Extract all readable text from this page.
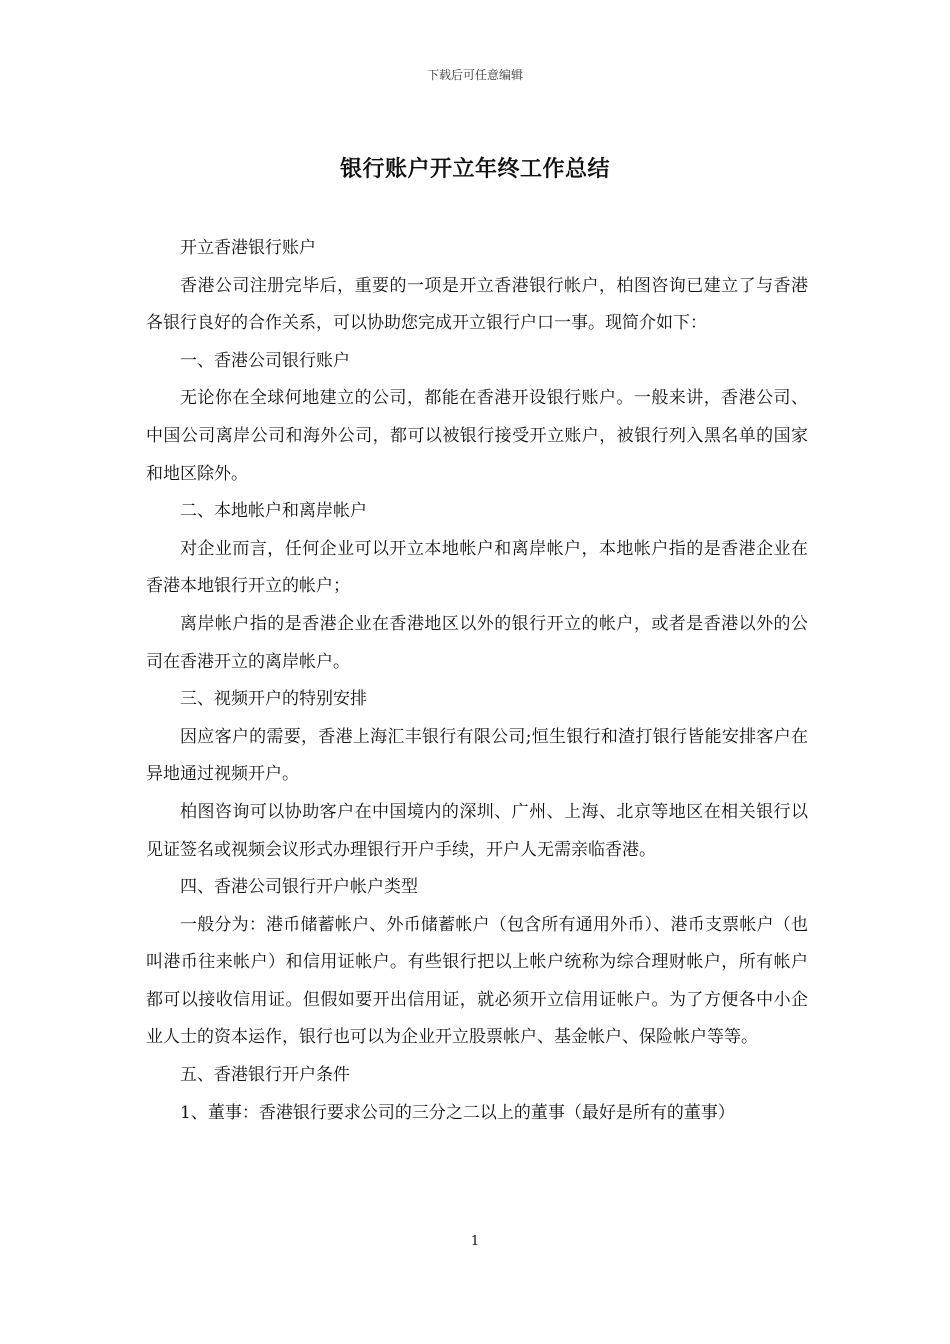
下载后可任意编辑
银行账户开立年终工作总结

开立香港银行账户

香港公司注册完毕后，重要的一项是开立香港银行帐户，柏图咨询已建立了与香港各银行良好的合作关系，可以协助您完成开立银行户口一事。现简介如下：

一、香港公司银行账户

无论你在全球何地建立的公司，都能在香港开设银行账户。一般来讲，香港公司、中国公司离岸公司和海外公司，都可以被银行接受开立账户，被银行列入黑名单的国家和地区除外。

二、本地帐户和离岸帐户

对企业而言，任何企业可以开立本地帐户和离岸帐户，本地帐户指的是香港企业在香港本地银行开立的帐户；

离岸帐户指的是香港企业在香港地区以外的银行开立的帐户，或者是香港以外的公司在香港开立的离岸帐户。

三、视频开户的特别安排

因应客户的需要，香港上海汇丰银行有限公司;恒生银行和渣打银行皆能安排客户在异地通过视频开户。

柏图咨询可以协助客户在中国境内的深圳、广州、上海、北京等地区在相关银行以见证签名或视频会议形式办理银行开户手续，开户人无需亲临香港。

四、香港公司银行开户帐户类型

一般分为：港币储蓄帐户、外币储蓄帐户（包含所有通用外币）、港币支票帐户（也叫港币往来帐户）和信用证帐户。有些银行把以上帐户统称为综合理财帐户，所有帐户都可以接收信用证。但假如要开出信用证，就必须开立信用证帐户。为了方便各中小企业人士的资本运作，银行也可以为企业开立股票帐户、基金帐户、保险帐户等等。

五、香港银行开户条件

1、董事：香港银行要求公司的三分之二以上的董事（最好是所有的董事）

1
